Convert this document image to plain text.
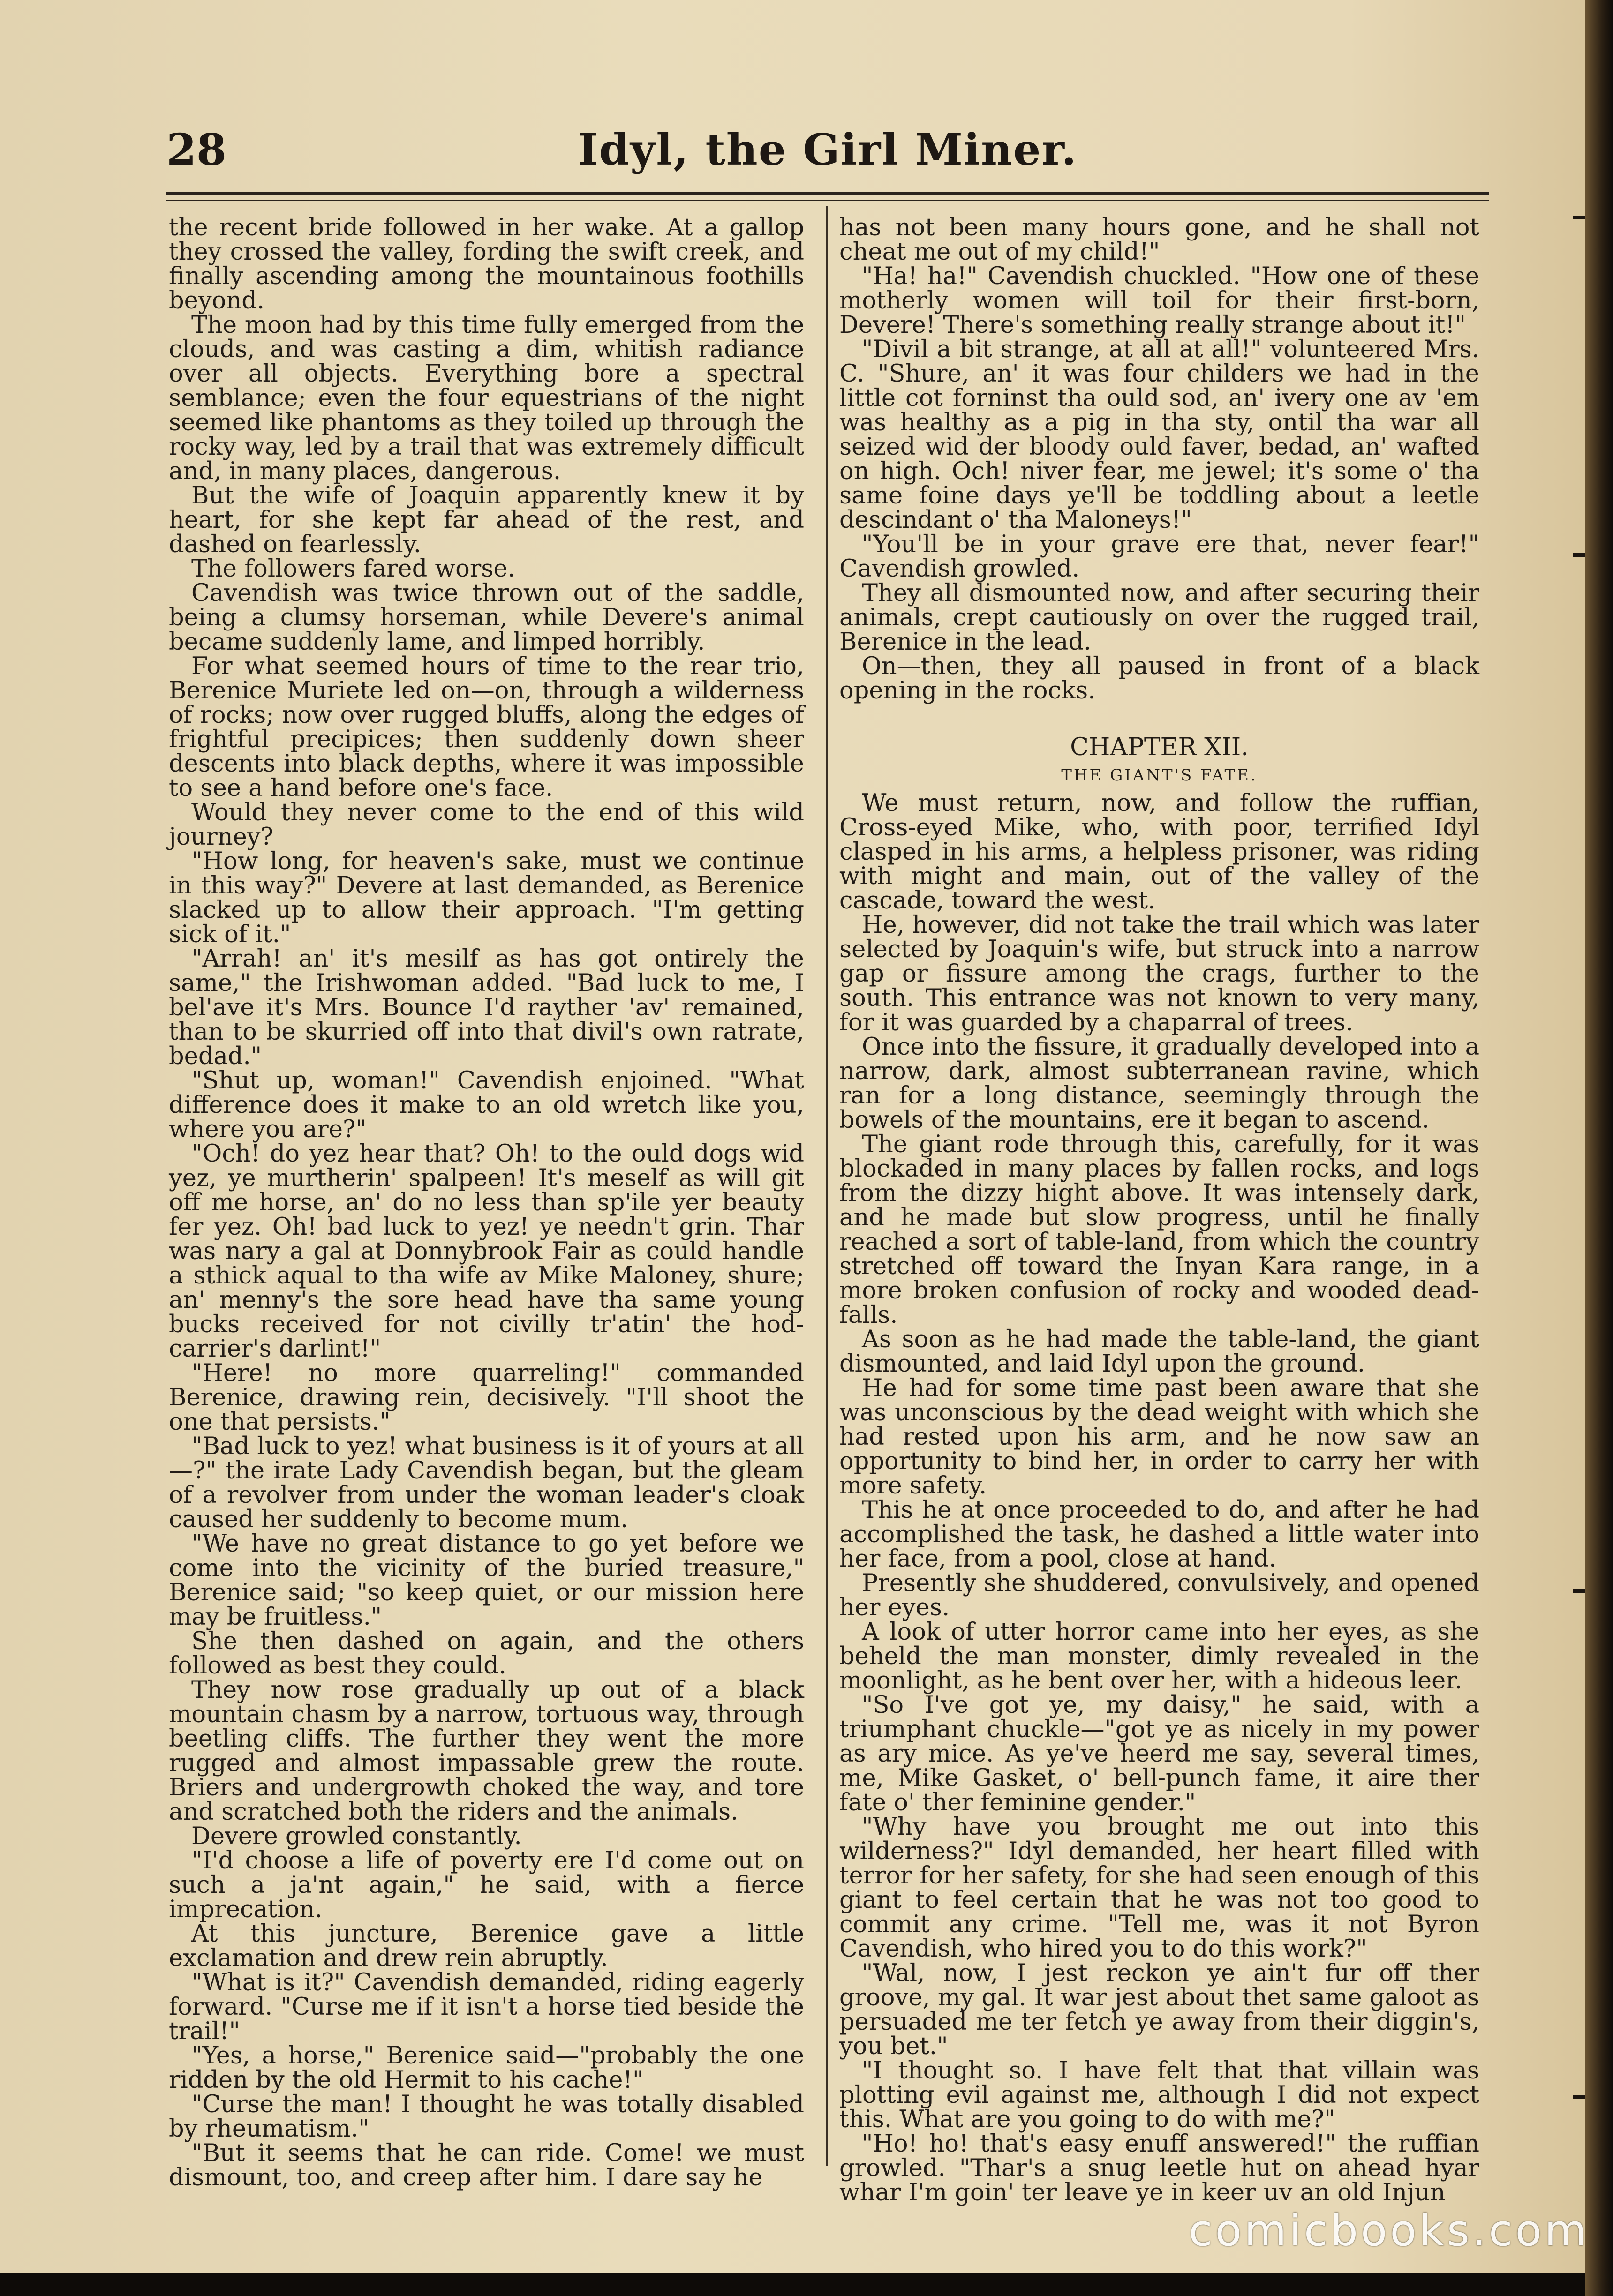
28	Idyl, the Girl Miner.

the recent bride followed in her wake. At a gallop they crossed the valley, fording the swift creek, and finally ascending among the mountainous foothills beyond.

The moon had by this time fully emerged from the clouds, and was casting a dim, whitish radiance over all objects. Everything bore a spectral semblance; even the four equestrians of the night seemed like phantoms as they toiled up through the rocky way, led by a trail that was extremely difficult and, in many places, dangerous.

But the wife of Joaquin apparently knew it by heart, for she kept far ahead of the rest, and dashed on fearlessly.

The followers fared worse.

Cavendish was twice thrown out of the saddle, being a clumsy horseman, while Devere's animal became suddenly lame, and limped horribly.

For what seemed hours of time to the rear trio, Berenice Muriete led on—on, through a wilderness of rocks; now over rugged bluffs, along the edges of frightful precipices; then suddenly down sheer descents into black depths, where it was impossible to see a hand before one's face.

Would they never come to the end of this wild journey?

"How long, for heaven's sake, must we continue in this way?" Devere at last demanded, as Berenice slacked up to allow their approach. "I'm getting sick of it."

"Arrah! an' it's mesilf as has got ontirely the same," the Irishwoman added. "Bad luck to me, I bel'ave it's Mrs. Bounce I'd rayther 'av' remained, than to be skurried off into that divil's own ratrate, bedad."

"Shut up, woman!" Cavendish enjoined. "What difference does it make to an old wretch like you, where you are?"

"Och! do yez hear that? Oh! to the ould dogs wid yez, ye murtherin' spalpeen! It's meself as will git off me horse, an' do no less than sp'ile yer beauty fer yez. Oh! bad luck to yez! ye needn't grin. Thar was nary a gal at Donnybrook Fair as could handle a sthick aqual to tha wife av Mike Maloney, shure; an' menny's the sore head have tha same young bucks received for not civilly tr'atin' the hod-carrier's darlint!"

"Here! no more quarreling!" commanded Berenice, drawing rein, decisively. "I'll shoot the one that persists."

"Bad luck to yez! what business is it of yours at all—?" the irate Lady Cavendish began, but the gleam of a revolver from under the woman leader's cloak caused her suddenly to become mum.

"We have no great distance to go yet before we come into the vicinity of the buried treasure," Berenice said; "so keep quiet, or our mission here may be fruitless."

She then dashed on again, and the others followed as best they could.

They now rose gradually up out of a black mountain chasm by a narrow, tortuous way, through beetling cliffs. The further they went the more rugged and almost impassable grew the route. Briers and undergrowth choked the way, and tore and scratched both the riders and the animals.

Devere growled constantly.

"I'd choose a life of poverty ere I'd come out on such a ja'nt again," he said, with a fierce imprecation.

At this juncture, Berenice gave a little exclamation and drew rein abruptly.

"What is it?" Cavendish demanded, riding eagerly forward. "Curse me if it isn't a horse tied beside the trail!"

"Yes, a horse," Berenice said—"probably the one ridden by the old Hermit to his cache!"

"Curse the man! I thought he was totally disabled by rheumatism."

"But it seems that he can ride. Come! we must dismount, too, and creep after him. I dare say he

has not been many hours gone, and he shall not cheat me out of my child!"

"Ha! ha!" Cavendish chuckled. "How one of these motherly women will toil for their first-born, Devere! There's something really strange about it!"

"Divil a bit strange, at all at all!" volunteered Mrs. C. "Shure, an' it was four childers we had in the little cot forninst tha ould sod, an' ivery one av 'em was healthy as a pig in tha sty, ontil tha war all seized wid der bloody ould faver, bedad, an' wafted on high. Och! niver fear, me jewel; it's some o' tha same foine days ye'll be toddling about a leetle descindant o' tha Maloneys!"

"You'll be in your grave ere that, never fear!" Cavendish growled.

They all dismounted now, and after securing their animals, crept cautiously on over the rugged trail, Berenice in the lead.

On—then, they all paused in front of a black opening in the rocks.

CHAPTER XII.
THE GIANT'S FATE.

We must return, now, and follow the ruffian, Cross-eyed Mike, who, with poor, terrified Idyl clasped in his arms, a helpless prisoner, was riding with might and main, out of the valley of the cascade, toward the west.

He, however, did not take the trail which was later selected by Joaquin's wife, but struck into a narrow gap or fissure among the crags, further to the south. This entrance was not known to very many, for it was guarded by a chaparral of trees.

Once into the fissure, it gradually developed into a narrow, dark, almost subterranean ravine, which ran for a long distance, seemingly through the bowels of the mountains, ere it began to ascend.

The giant rode through this, carefully, for it was blockaded in many places by fallen rocks, and logs from the dizzy hight above. It was intensely dark, and he made but slow progress, until he finally reached a sort of table-land, from which the country stretched off toward the Inyan Kara range, in a more broken confusion of rocky and wooded dead-falls.

As soon as he had made the table-land, the giant dismounted, and laid Idyl upon the ground.

He had for some time past been aware that she was unconscious by the dead weight with which she had rested upon his arm, and he now saw an opportunity to bind her, in order to carry her with more safety.

This he at once proceeded to do, and after he had accomplished the task, he dashed a little water into her face, from a pool, close at hand.

Presently she shuddered, convulsively, and opened her eyes.

A look of utter horror came into her eyes, as she beheld the man monster, dimly revealed in the moonlight, as he bent over her, with a hideous leer.

"So I've got ye, my daisy," he said, with a triumphant chuckle—"got ye as nicely in my power as ary mice. As ye've heerd me say, several times, me, Mike Gasket, o' bell-punch fame, it aire ther fate o' ther feminine gender."

"Why have you brought me out into this wilderness?" Idyl demanded, her heart filled with terror for her safety, for she had seen enough of this giant to feel certain that he was not too good to commit any crime. "Tell me, was it not Byron Cavendish, who hired you to do this work?"

"Wal, now, I jest reckon ye ain't fur off ther groove, my gal. It war jest about thet same galoot as persuaded me ter fetch ye away from their diggin's, you bet."

"I thought so. I have felt that that villain was plotting evil against me, although I did not expect this. What are you going to do with me?"

"Ho! ho! that's easy enuff answered!" the ruffian growled. "Thar's a snug leetle hut on ahead hyar whar I'm goin' ter leave ye in keer uv an old Injun

comicbooks.com
